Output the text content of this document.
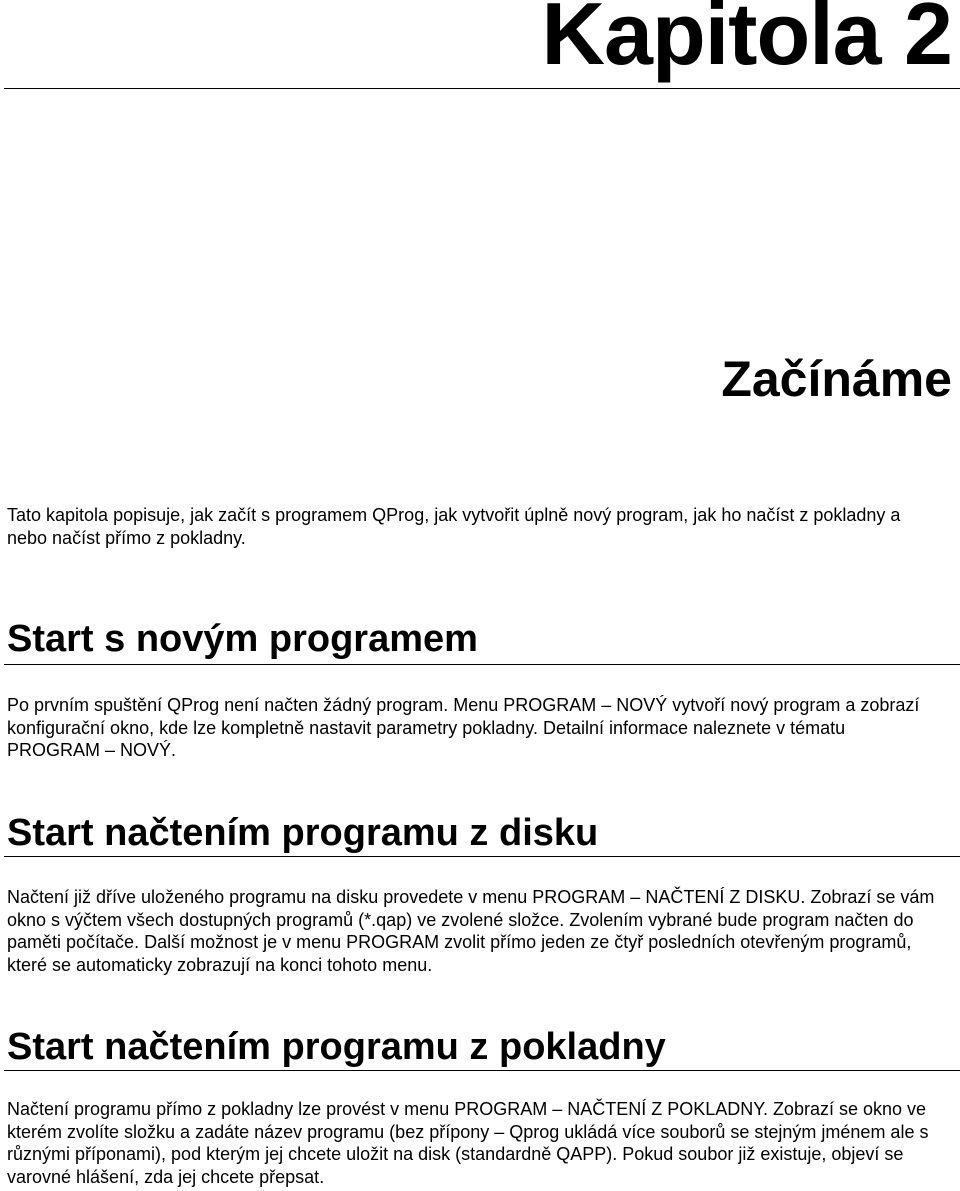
Kapitola 2
Začínáme

Tato kapitola popisuje, jak začít s programem QProg, jak vytvořit úplně nový program, jak ho načíst z pokladny a nebo načíst přímo z pokladny.

Start s novým programem

Po prvním spuštění QProg není načten žádný program. Menu PROGRAM – NOVÝ vytvoří nový program a zobrazí konfigurační okno, kde lze kompletně nastavit parametry pokladny. Detailní informace naleznete v tématu PROGRAM – NOVÝ.

Start načtením programu z disku

Načtení již dříve uloženého programu na disku provedete v menu PROGRAM – NAČTENÍ Z DISKU. Zobrazí se vám okno s výčtem všech dostupných programů (*.qap) ve zvolené složce. Zvolením vybrané bude program načten do paměti počítače. Další možnost je v menu PROGRAM zvolit přímo jeden ze čtyř posledních otevřeným programů, které se automaticky zobrazují na konci tohoto menu.

Start načtením programu z pokladny

Načtení programu přímo z pokladny lze provést v menu PROGRAM – NAČTENÍ Z POKLADNY. Zobrazí se okno ve kterém zvolíte složku a zadáte název programu (bez přípony – Qprog ukládá více souborů se stejným jménem ale s různými příponami), pod kterým jej chcete uložit na disk (standardně QAPP). Pokud soubor již existuje, objeví se varovné hlášení, zda jej chcete přepsat.
